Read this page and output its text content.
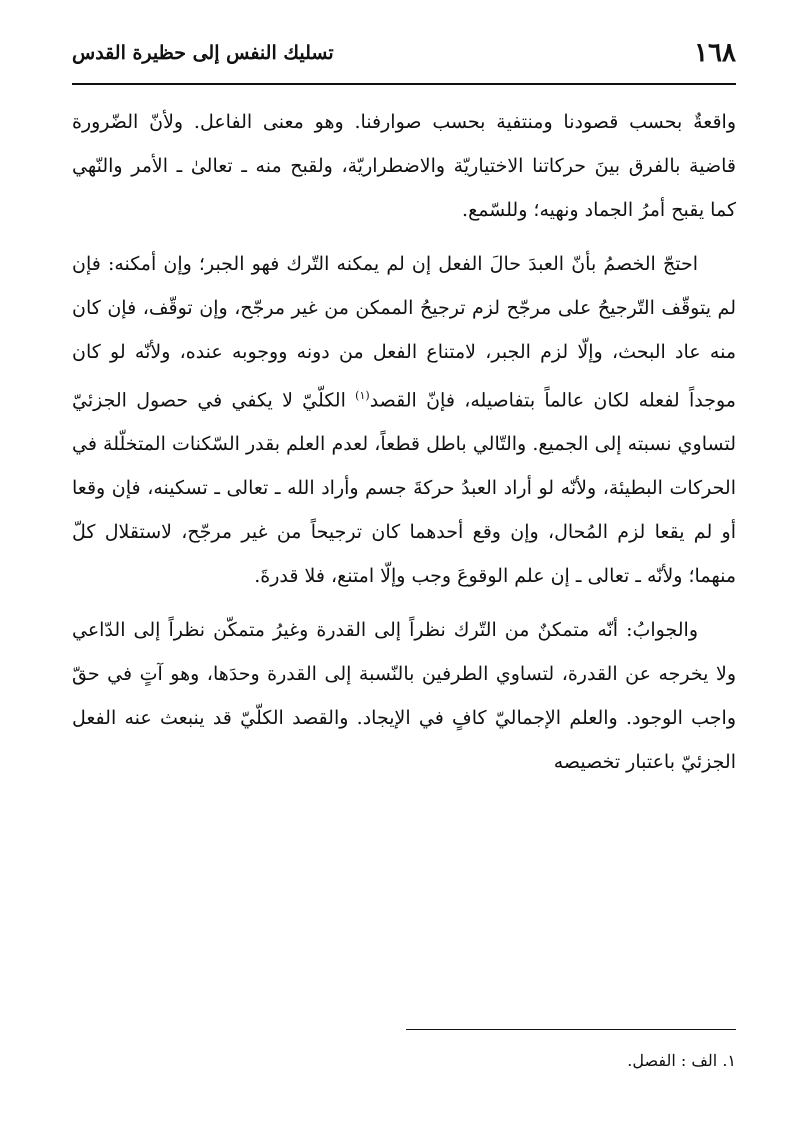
١٦٨
تسليك النفس إلى حظيرة القدس

واقعةٌ بحسب قصودنا ومنتفية بحسب صوارفنا. وهو معنى الفاعل. ولأنّ الضّرورة قاضية بالفرق بينَ حركاتنا الاختياريّة والاضطراريّة، ولقبح منه ـ تعالىٰ ـ الأمر والنّهي كما يقبح أمرُ الجماد ونهيه؛ وللسّمع.

احتجّ الخصمُ بأنّ العبدَ حالَ الفعل إن لم يمكنه التّرك فهو الجبر؛ وإن أمكنه: فإن لم يتوقّف التّرجيحُ على مرجّح لزم ترجيحُ الممكن من غير مرجّح، وإن توقّف، فإن كان منه عاد البحث، وإلّا لزم الجبر، لامتناع الفعل من دونه ووجوبه عنده، ولأنّه لو كان موجداً لفعله لكان عالماً بتفاصيله، فإنّ القصد$^{(١)}$ الكلّيّ لا يكفي في حصول الجزئيّ لتساوي نسبته إلى الجميع. والتّالي باطل قطعاً، لعدم العلم بقدر السّكنات المتخلّلة في الحركات البطيئة، ولأنّه لو أراد العبدُ حركةَ جسم وأراد الله ـ تعالى ـ تسكينه، فإن وقعا أو لم يقعا لزم المُحال، وإن وقع أحدهما كان ترجيحاً من غير مرجّح، لاستقلال كلّ منهما؛ ولأنّه ـ تعالى ـ إن علم الوقوعَ وجب وإلّا امتنع، فلا قدرةَ.

والجوابُ: أنّه متمكنٌ من التّرك نظراً إلى القدرة وغيرُ متمكّن نظراً إلى الدّاعي ولا يخرجه عن القدرة، لتساوي الطرفين بالنّسبة إلى القدرة وحدَها، وهو آتٍ في حقّ واجب الوجود. والعلم الإجماليّ كافٍ في الإيجاد. والقصد الكلّيّ قد ينبعث عنه الفعل الجزئيّ باعتبار تخصيصه

١. الف : الفصل.
